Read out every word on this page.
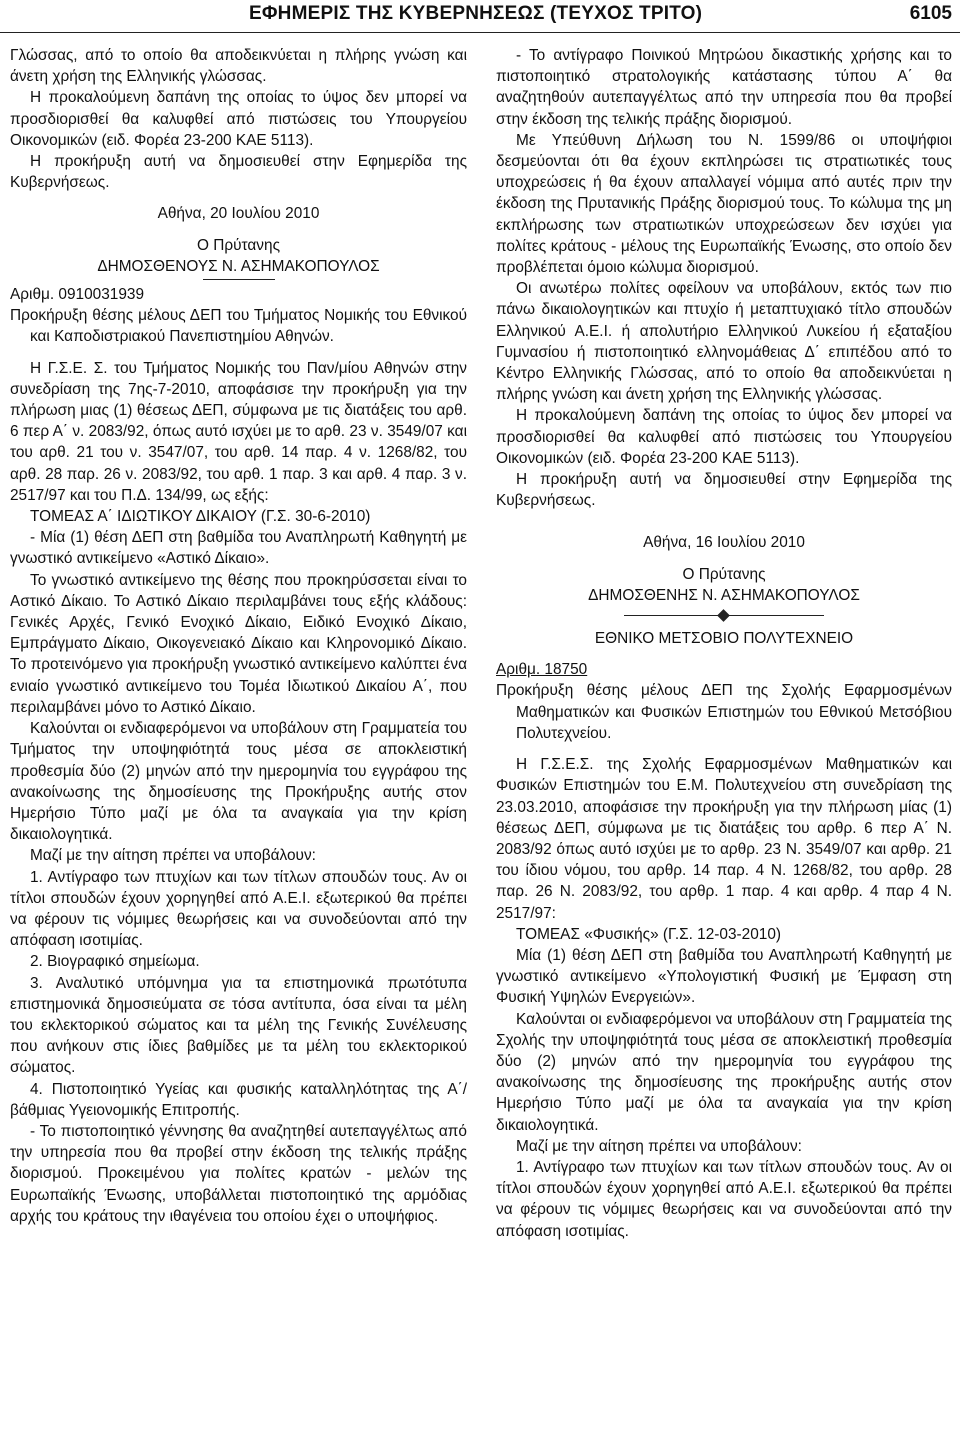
ΕΦΗΜΕΡΙΣ ΤΗΣ ΚΥΒΕΡΝΗΣΕΩΣ (ΤΕΥΧΟΣ ΤΡΙΤΟ)	6105

Γλώσσας, από το οποίο θα αποδεικνύεται η πλήρης γνώση και άνετη χρήση της Ελληνικής γλώσσας.

Η προκαλούμενη δαπάνη της οποίας το ύψος δεν μπορεί να προσδιορισθεί θα καλυφθεί από πιστώσεις του Υπουργείου Οικονομικών (ειδ. Φορέα 23-200 ΚΑΕ 5113).

Η προκήρυξη αυτή να δημοσιευθεί στην Εφημερίδα της Κυβερνήσεως.

Αθήνα, 20 Ιουλίου 2010

Ο Πρύτανης

ΔΗΜΟΣΘΕΝΟΥΣ Ν. ΑΣΗΜΑΚΟΠΟΥΛΟΣ

Αριθμ. 0910031939

Προκήρυξη θέσης μέλους ΔΕΠ του Τμήματος Νομικής του Εθνικού και Καποδιστριακού Πανεπιστημίου Αθηνών.

Η Γ.Σ.Ε. Σ. του Τμήματος Νομικής του Παν/μίου Αθηνών στην συνεδρίαση της 7ης-7-2010, αποφάσισε την προκήρυξη για την πλήρωση μιας (1) θέσεως ΔΕΠ, σύμφωνα με τις διατάξεις του αρθ. 6 περ Α΄ ν. 2083/92, όπως αυτό ισχύει με το αρθ. 23 ν. 3549/07 και του αρθ. 21 του ν. 3547/07, του αρθ. 14 παρ. 4 ν. 1268/82, του αρθ. 28 παρ. 26 ν. 2083/92, του αρθ. 1 παρ. 3 και αρθ. 4 παρ. 3 ν. 2517/97 και του Π.Δ. 134/99, ως εξής:

ΤΟΜΕΑΣ Α΄ ΙΔΙΩΤΙΚΟΥ ΔΙΚΑΙΟΥ (Γ.Σ. 30-6-2010)

- Μία (1) θέση ΔΕΠ στη βαθμίδα του Αναπληρωτή Καθηγητή με γνωστικό αντικείμενο «Αστικό Δίκαιο».

Το γνωστικό αντικείμενο της θέσης που προκηρύσσεται είναι το Αστικό Δίκαιο. Το Αστικό Δίκαιο περιλαμβάνει τους εξής κλάδους: Γενικές Αρχές, Γενικό Ενοχικό Δίκαιο, Ειδικό Ενοχικό Δίκαιο, Εμπράγματο Δίκαιο, Οικογενειακό Δίκαιο και Κληρονομικό Δίκαιο. Το προτεινόμενο για προκήρυξη γνωστικό αντικείμενο καλύπτει ένα ενιαίο γνωστικό αντικείμενο του Τομέα Ιδιωτικού Δικαίου Α΄, που περιλαμβάνει μόνο το Αστικό Δίκαιο.

Καλούνται οι ενδιαφερόμενοι να υποβάλουν στη Γραμματεία του Τμήματος την υποψηφιότητά τους μέσα σε αποκλειστική προθεσμία δύο (2) μηνών από την ημερομηνία του εγγράφου της ανακοίνωσης της δημοσίευσης της Προκήρυξης αυτής στον Ημερήσιο Τύπο μαζί με όλα τα αναγκαία για την κρίση δικαιολογητικά.

Μαζί με την αίτηση πρέπει να υποβάλουν:

1. Αντίγραφο των πτυχίων και των τίτλων σπουδών τους. Αν οι τίτλοι σπουδών έχουν χορηγηθεί από Α.Ε.Ι. εξωτερικού θα πρέπει να φέρουν τις νόμιμες θεωρήσεις και να συνοδεύονται από την απόφαση ισοτιμίας.

2. Βιογραφικό σημείωμα.

3. Αναλυτικό υπόμνημα για τα επιστημονικά πρωτότυπα επιστημονικά δημοσιεύματα σε τόσα αντίτυπα, όσα είναι τα μέλη του εκλεκτορικού σώματος και τα μέλη της Γενικής Συνέλευσης που ανήκουν στις ίδιες βαθμίδες με τα μέλη του εκλεκτορικού σώματος.

4. Πιστοποιητικό Υγείας και φυσικής καταλληλότητας της Α΄/βάθμιας Υγειονομικής Επιτροπής.

- Το πιστοποιητικό γέννησης θα αναζητηθεί αυτεπαγγέλτως από την υπηρεσία που θα προβεί στην έκδοση της τελικής πράξης διορισμού. Προκειμένου για πολίτες κρατών - μελών της Ευρωπαϊκής Ένωσης, υποβάλλεται πιστοποιητικό της αρμόδιας αρχής του κράτους την ιθαγένεια του οποίου έχει ο υποψήφιος.

- Το αντίγραφο Ποινικού Μητρώου δικαστικής χρήσης και το πιστοποιητικό στρατολογικής κατάστασης τύπου Α΄ θα αναζητηθούν αυτεπαγγέλτως από την υπηρεσία που θα προβεί στην έκδοση της τελικής πράξης διορισμού.

Με Υπεύθυνη Δήλωση του Ν. 1599/86 οι υποψήφιοι δεσμεύονται ότι θα έχουν εκπληρώσει τις στρατιωτικές τους υποχρεώσεις ή θα έχουν απαλλαγεί νόμιμα από αυτές πριν την έκδοση της Πρυτανικής Πράξης διορισμού τους. Το κώλυμα της μη εκπλήρωσης των στρατιωτικών υποχρεώσεων δεν ισχύει για πολίτες κράτους - μέλους της Ευρωπαϊκής Ένωσης, στο οποίο δεν προβλέπεται όμοιο κώλυμα διορισμού.

Οι ανωτέρω πολίτες οφείλουν να υποβάλουν, εκτός των πιο πάνω δικαιολογητικών και πτυχίο ή μεταπτυχιακό τίτλο σπουδών Ελληνικού Α.Ε.Ι. ή απολυτήριο Ελληνικού Λυκείου ή εξαταξίου Γυμνασίου ή πιστοποιητικό ελληνομάθειας Δ΄ επιπέδου από το Κέντρο Ελληνικής Γλώσσας, από το οποίο θα αποδεικνύεται η πλήρης γνώση και άνετη χρήση της Ελληνικής γλώσσας.

Η προκαλούμενη δαπάνη της οποίας το ύψος δεν μπορεί να προσδιορισθεί θα καλυφθεί από πιστώσεις του Υπουργείου Οικονομικών (ειδ. Φορέα 23-200 ΚΑΕ 5113).

Η προκήρυξη αυτή να δημοσιευθεί στην Εφημερίδα της Κυβερνήσεως.

Αθήνα, 16 Ιουλίου 2010

Ο Πρύτανης

ΔΗΜΟΣΘΕΝΗΣ Ν. ΑΣΗΜΑΚΟΠΟΥΛΟΣ

ΕΘΝΙΚΟ ΜΕΤΣΟΒΙΟ ΠΟΛΥΤΕΧΝΕΙΟ

Αριθμ. 18750

Προκήρυξη θέσης μέλους ΔΕΠ της Σχολής Εφαρμοσμένων Μαθηματικών και Φυσικών Επιστημών του Εθνικού Μετσόβιου Πολυτεχνείου.

Η Γ.Σ.Ε.Σ. της Σχολής Εφαρμοσμένων Μαθηματικών και Φυσικών Επιστημών του Ε.Μ. Πολυτεχνείου στη συνεδρίαση της 23.03.2010, αποφάσισε την προκήρυξη για την πλήρωση μίας (1) θέσεως ΔΕΠ, σύμφωνα με τις διατάξεις του αρθρ. 6 περ Α΄ Ν. 2083/92 όπως αυτό ισχύει με το αρθρ. 23 Ν. 3549/07 και αρθρ. 21 του ίδιου νόμου, του αρθρ. 14 παρ. 4 Ν. 1268/82, του αρθρ. 28 παρ. 26 Ν. 2083/92, του αρθρ. 1 παρ. 4 και αρθρ. 4 παρ 4 Ν. 2517/97:

ΤΟΜΕΑΣ «Φυσικής» (Γ.Σ. 12-03-2010)

Μία (1) θέση ΔΕΠ στη βαθμίδα του Αναπληρωτή Καθηγητή με γνωστικό αντικείμενο «Υπολογιστική Φυσική με Έμφαση στη Φυσική Υψηλών Ενεργειών».

Καλούνται οι ενδιαφερόμενοι να υποβάλουν στη Γραμματεία της Σχολής την υποψηφιότητά τους μέσα σε αποκλειστική προθεσμία δύο (2) μηνών από την ημερομηνία του εγγράφου της ανακοίνωσης της δημοσίευσης της προκήρυξης αυτής στον Ημερήσιο Τύπο μαζί με όλα τα αναγκαία για την κρίση δικαιολογητικά.

Μαζί με την αίτηση πρέπει να υποβάλουν:

1. Αντίγραφο των πτυχίων και των τίτλων σπουδών τους. Αν οι τίτλοι σπουδών έχουν χορηγηθεί από Α.Ε.Ι. εξωτερικού θα πρέπει να φέρουν τις νόμιμες θεωρήσεις και να συνοδεύονται από την απόφαση ισοτιμίας.
